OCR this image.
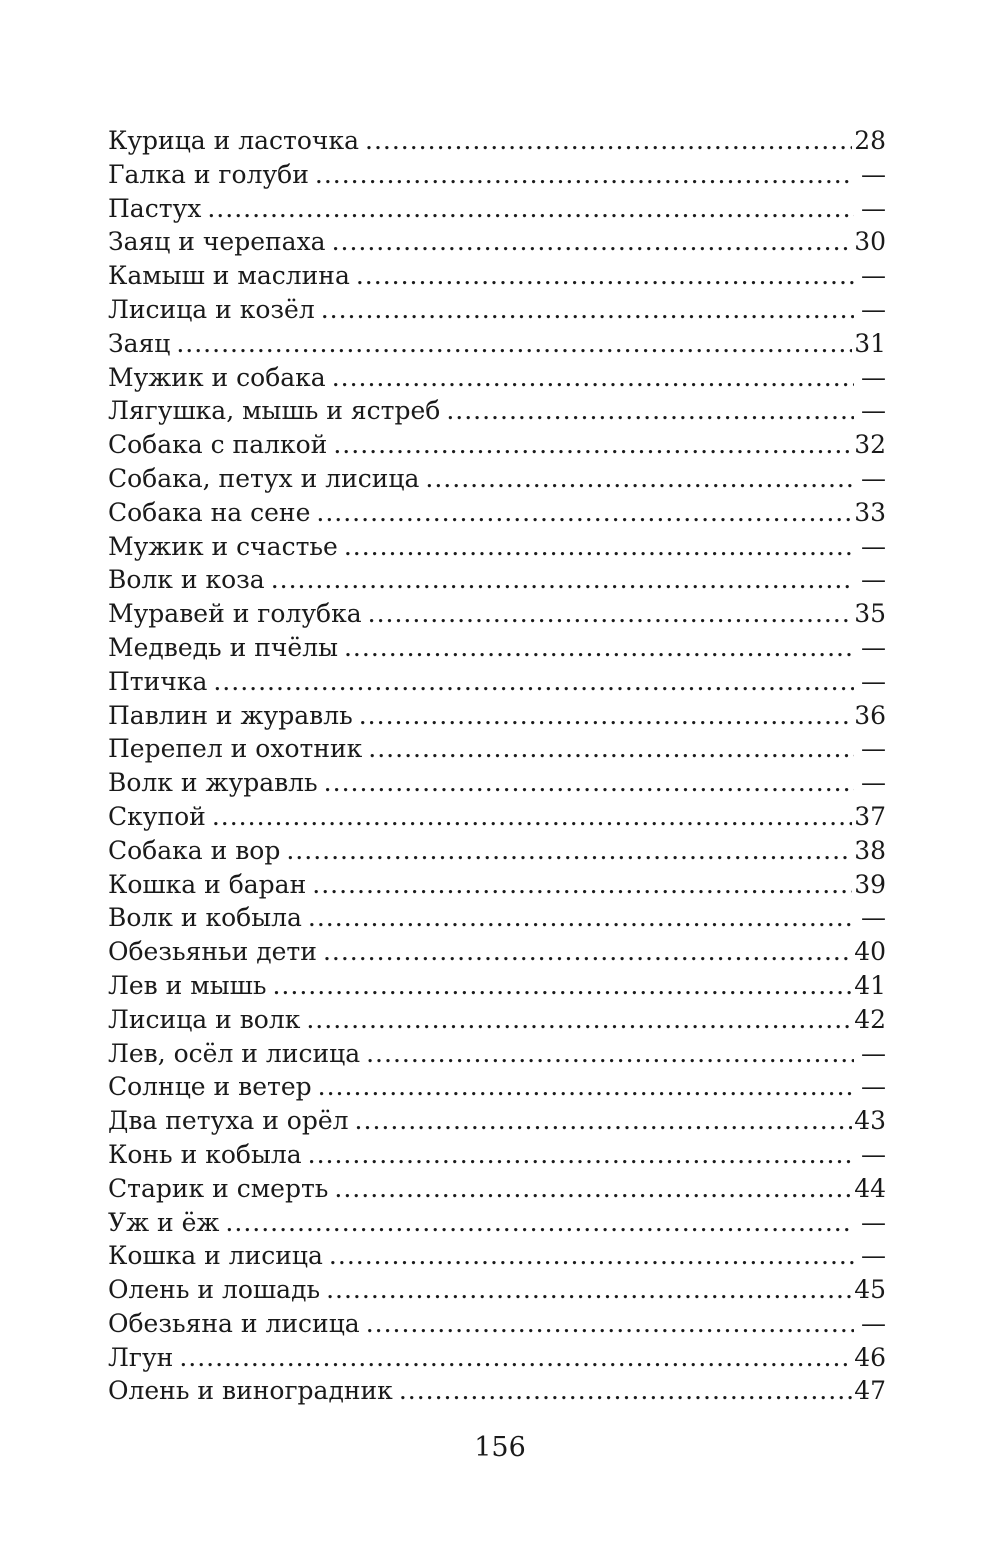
Курица и ласточка .....	28
Галка и голуби .....	—
Пастух .....	—
Заяц и черепаха .....	30
Камыш и маслина .....	—
Лисица и козёл .....	—
Заяц .....	31
Мужик и собака .....	—
Лягушка, мышь и ястреб .....	—
Собака с палкой .....	32
Собака, петух и лисица .....	—
Собака на сене .....	33
Мужик и счастье .....	—
Волк и коза .....	—
Муравей и голубка .....	35
Медведь и пчёлы .....	—
Птичка .....	—
Павлин и журавль .....	36
Перепел и охотник .....	—
Волк и журавль .....	—
Скупой .....	37
Собака и вор .....	38
Кошка и баран .....	39
Волк и кобыла .....	—
Обезьяньи дети .....	40
Лев и мышь .....	41
Лисица и волк .....	42
Лев, осёл и лисица .....	—
Солнце и ветер .....	—
Два петуха и орёл .....	43
Конь и кобыла .....	—
Старик и смерть .....	44
Уж и ёж .....	—
Кошка и лисица .....	—
Олень и лошадь .....	45
Обезьяна и лисица .....	—
Лгун .....	46
Олень и виноградник .....	47
156
